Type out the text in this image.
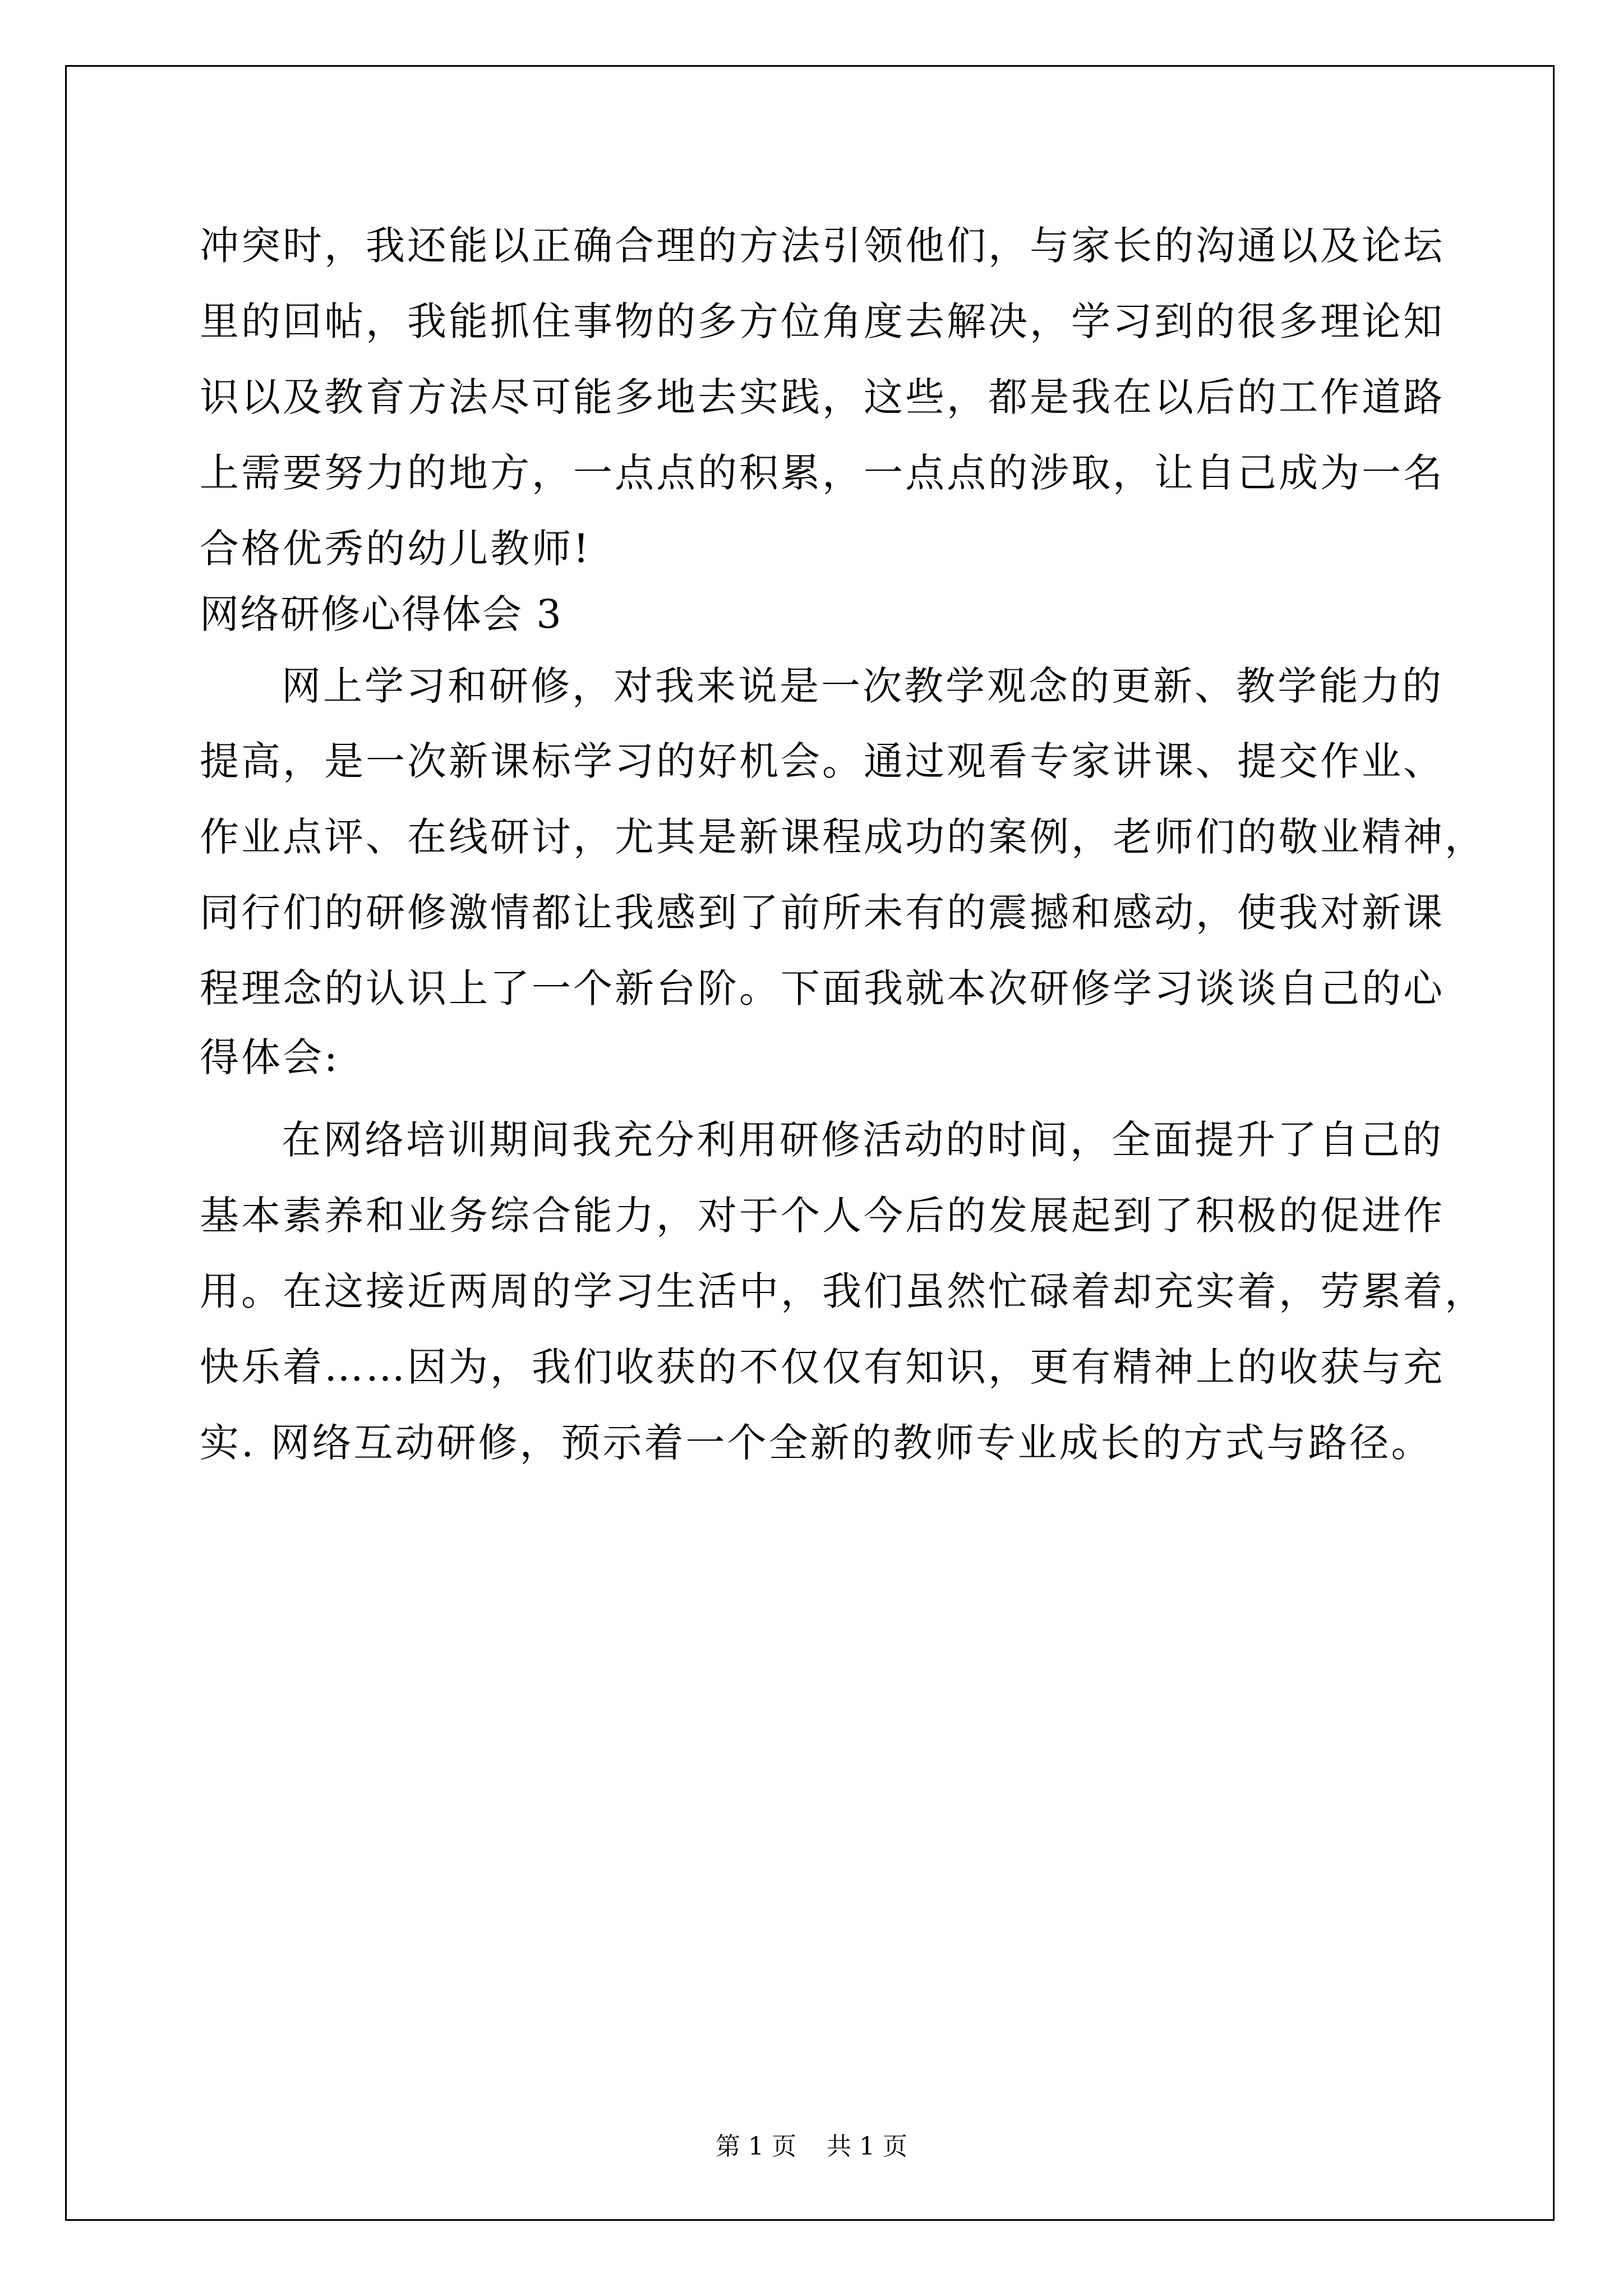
冲突时，我还能以正确合理的方法引领他们，与家长的沟通以及论坛
里的回帖，我能抓住事物的多方位角度去解决，学习到的很多理论知
识以及教育方法尽可能多地去实践，这些，都是我在以后的工作道路
上需要努力的地方，一点点的积累，一点点的涉取，让自己成为一名
合格优秀的幼儿教师!
网络研修心得体会 3
网上学习和研修，对我来说是一次教学观念的更新、教学能力的
提高，是一次新课标学习的好机会。通过观看专家讲课、提交作业、
作业点评、在线研讨，尤其是新课程成功的案例，老师们的敬业精神，
同行们的研修激情都让我感到了前所未有的震撼和感动，使我对新课
程理念的认识上了一个新台阶。下面我就本次研修学习谈谈自己的心
得体会:
在网络培训期间我充分利用研修活动的时间，全面提升了自己的
基本素养和业务综合能力，对于个人今后的发展起到了积极的促进作
用。在这接近两周的学习生活中，我们虽然忙碌着却充实着，劳累着，
快乐着……因为，我们收获的不仅仅有知识，更有精神上的收获与充
实. 网络互动研修，预示着一个全新的教师专业成长的方式与路径。
第 1 页 共 1 页
